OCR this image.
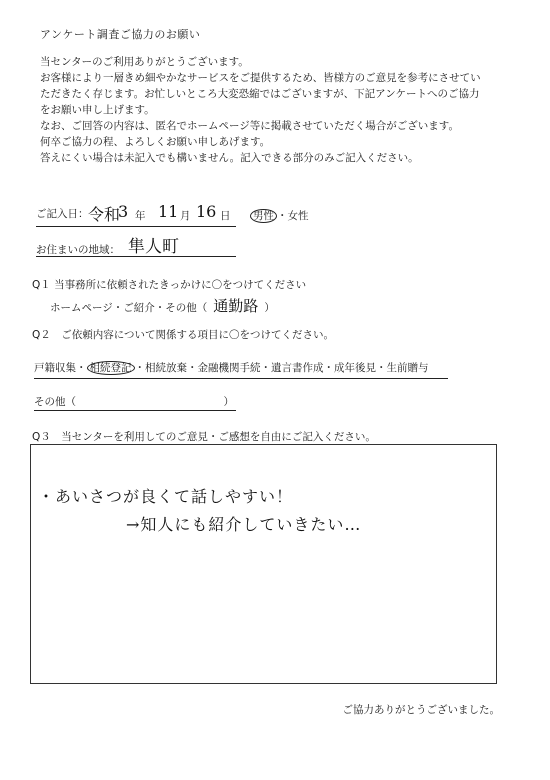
アンケート調査ご協力のお願い
当センターのご利用ありがとうございます。
お客様により一層きめ細やかなサービスをご提供するため、皆様方のご意見を参考にさせてい
ただきたく存じます。お忙しいところ大変恐縮ではございますが、下記アンケートへのご協力
をお願い申し上げます。
なお、ご回答の内容は、匿名でホームページ等に掲載させていただく場合がございます。
何卒ご協力の程、よろしくお願い申しあげます。
答えにくい場合は未記入でも構いません。記入できる部分のみご記入ください。
ご記入日： 令和
3 年 11 月 16 日 男性 ・女性
お住まいの地域： 隼人町
Q１ 当事務所に依頼されたきっかけに〇をつけてください
ホームページ・ご紹介・その他（ 通勤路 ）
Q２　ご依頼内容について関係する項目に〇をつけてください。
戸籍収集・ 相続登記 ・相続放棄・金融機関手続・遺言書作成・成年後見・生前贈与
その他（	）
Q３　当センターを利用してのご意見・ご感想を自由にご記入ください。
・あいさつが良くて話しやすい！
→知人にも紹介していきたい…
ご協力ありがとうございました。
